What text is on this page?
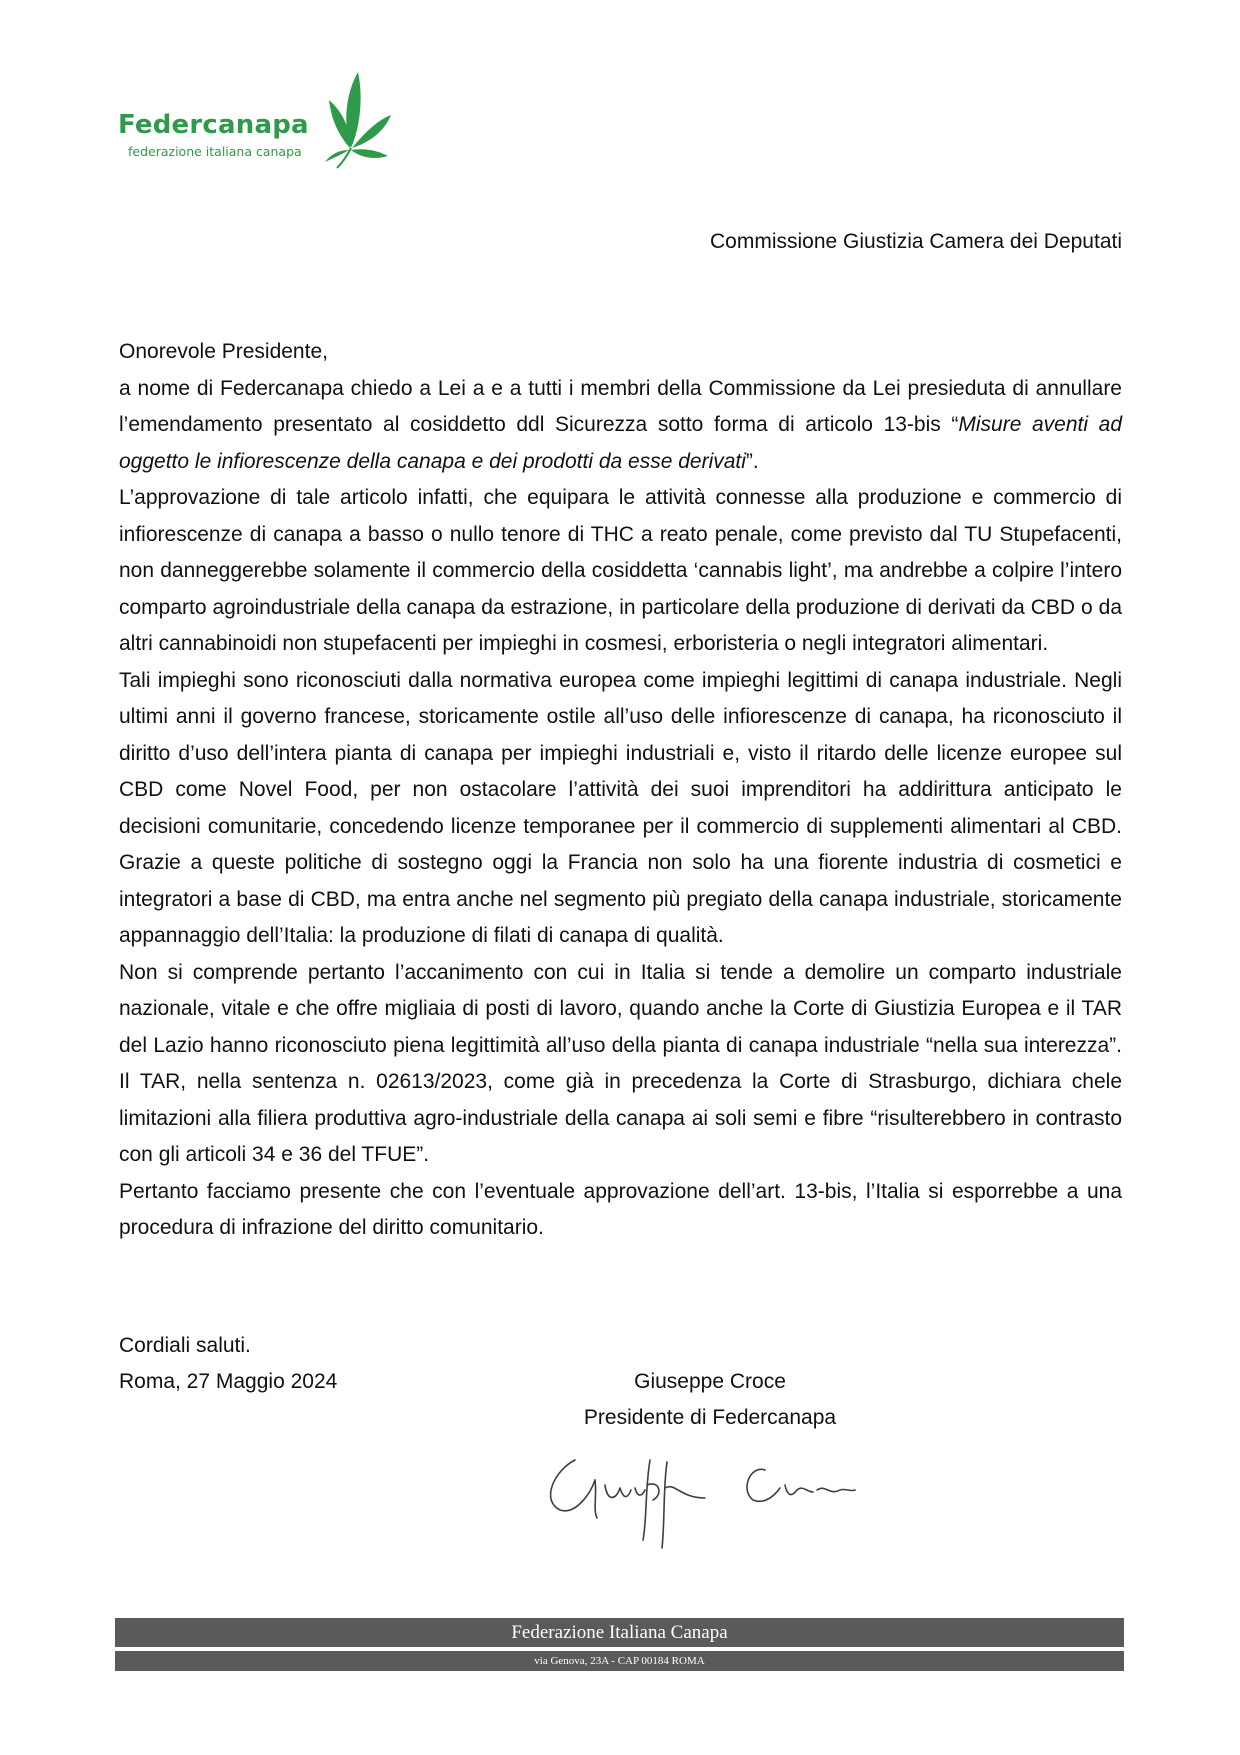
Federcanapa
federazione italiana canapa
Commissione Giustizia Camera dei Deputati

Onorevole Presidente,

a nome di Federcanapa chiedo a Lei a e a tutti i membri della Commissione da Lei presieduta di annullare l’emendamento presentato al cosiddetto ddl Sicurezza sotto forma di articolo 13-bis “Misure aventi ad oggetto le infiorescenze della canapa e dei prodotti da esse derivati”.

L’approvazione di tale articolo infatti, che equipara le attività connesse alla produzione e commercio di infiorescenze di canapa a basso o nullo tenore di THC a reato penale, come previsto dal TU Stupefacenti, non danneggerebbe solamente il commercio della cosiddetta ‘cannabis light’, ma andrebbe a colpire l’intero comparto agroindustriale della canapa da estrazione, in particolare della produzione di derivati da CBD o da altri cannabinoidi non stupefacenti per impieghi in cosmesi, erboristeria o negli integratori alimentari.

Tali impieghi sono riconosciuti dalla normativa europea come impieghi legittimi di canapa industriale. Negli ultimi anni il governo francese, storicamente ostile all’uso delle infiorescenze di canapa, ha riconosciuto il diritto d’uso dell’intera pianta di canapa per impieghi industriali e, visto il ritardo delle licenze europee sul CBD come Novel Food, per non ostacolare l’attività dei suoi imprenditori ha addirittura anticipato le decisioni comunitarie, concedendo licenze temporanee per il commercio di supplementi alimentari al CBD. Grazie a queste politiche di sostegno oggi la Francia non solo ha una fiorente industria di cosmetici e integratori a base di CBD, ma entra anche nel segmento più pregiato della canapa industriale, storicamente appannaggio dell’Italia: la produzione di filati di canapa di qualità.

Non si comprende pertanto l’accanimento con cui in Italia si tende a demolire un comparto industriale nazionale, vitale e che offre migliaia di posti di lavoro, quando anche la Corte di Giustizia Europea e il TAR del Lazio hanno riconosciuto piena legittimità all’uso della pianta di canapa industriale “nella sua interezza”. Il TAR, nella sentenza n. 02613/2023, come già in precedenza la Corte di Strasburgo, dichiara chele limitazioni alla filiera produttiva agro-industriale della canapa ai soli semi e fibre “risulterebbero in contrasto con gli articoli 34 e 36 del TFUE”.

Pertanto facciamo presente che con l’eventuale approvazione dell’art. 13-bis, l’Italia si esporrebbe a una procedura di infrazione del diritto comunitario.

Cordiali saluti.
Roma, 27 Maggio 2024	Giuseppe Croce
Presidente di Federcanapa
Federazione Italiana Canapa
via Genova, 23A - CAP 00184 ROMA
